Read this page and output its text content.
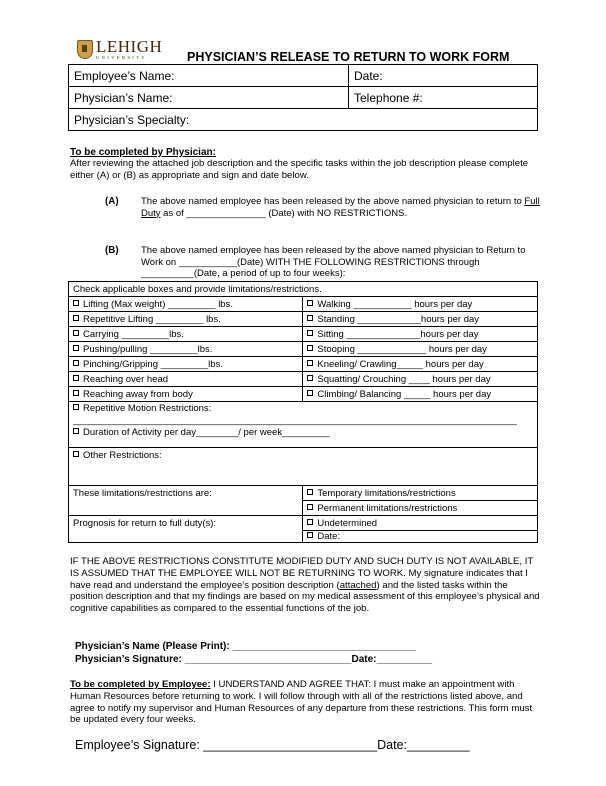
LEHIGH
UNIVERSITY	PHYSICIAN’S RELEASE TO RETURN TO WORK FORM
Employee’s Name:	Date:
Physician’s Name:	Telephone #:
Physician’s Specialty:	
To be completed by Physician:
After reviewing the attached job description and the specific tasks within the job description please complete either (A) or (B) as appropriate and sign and date below.
(A) The above named employee has been released by the above named physician to return to Full Duty as of _______________ (Date) with NO RESTRICTIONS.
(B) The above named employee has been released by the above named physician to Return to Work on ___________(Date) WITH THE FOLLOWING RESTRICTIONS through __________(Date, a period of up to four weeks):
Check applicable boxes and provide limitations/restrictions.	
Lifting (Max weight) _________ lbs.	Walking ___________ hours per day
Repetitive Lifting _________ lbs.	Standing ____________hours per day
Carrying _________lbs.	Sitting ______________hours per day
Pushing/pulling _________lbs.	Stooping _____________ hours per day
Pinching/Gripping _________lbs.	Kneeling/ Crawling_____ hours per day
Reaching over head	Squatting/ Crouching ____ hours per day
Reaching away from body	Climbing/ Balancing _____ hours per day

Repetitive Motion Restrictions:
____________________________________________________________________________________
Duration of Activity per day________/ per week_________	

Other Restrictions:	
These limitations/restrictions are:	Temporary limitations/restrictions
	Permanent limitations/restrictions
Prognosis for return to full duty(s):	Undetermined
	Date:
IF THE ABOVE RESTRICTIONS CONSTITUTE MODIFIED DUTY AND SUCH DUTY IS NOT AVAILABLE, IT IS ASSUMED THAT THE EMPLOYEE WILL NOT BE RETURNING TO WORK. My signature indicates that I have read and understand the employee’s position description (attached) and the listed tasks within the position description and that my findings are based on my medical assessment of this employee’s physical and cognitive capabilities as compared to the essential functions of the job.
Physician’s Name (Please Print): _________________________________
Physician’s Signature: ______________________________Date:__________
To be completed by Employee: I UNDERSTAND AND AGREE THAT: I must make an appointment with Human Resources before returning to work. I will follow through with all of the restrictions listed above, and agree to notify my supervisor and Human Resources of any departure from these restrictions. This form must be updated every four weeks.
Employee’s Signature: _________________________Date:_________
